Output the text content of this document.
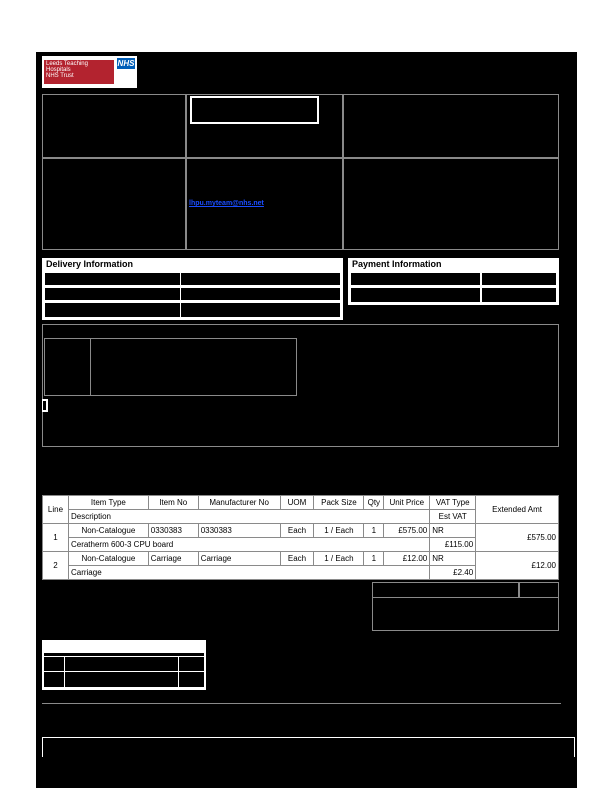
NHS
Leeds Teaching
Hospitals
NHS Trust
lhpu.myteam@nhs.net
Delivery Information	Payment Information
Line	Item Type	Item No	Manufacturer No	UOM	Pack Size	Qty	Unit Price	VAT Type	Extended Amt
	Description							Est VAT	
1	Non-Catalogue	0330383	0330383	Each	1 / Each	1	£575.00	NR	£575.00
	Ceratherm 600-3 CPU board							£115.00	
2	Non-Catalogue	Carriage	Carriage	Each	1 / Each	1	£12.00	NR	£12.00
	Carriage							£2.40	
